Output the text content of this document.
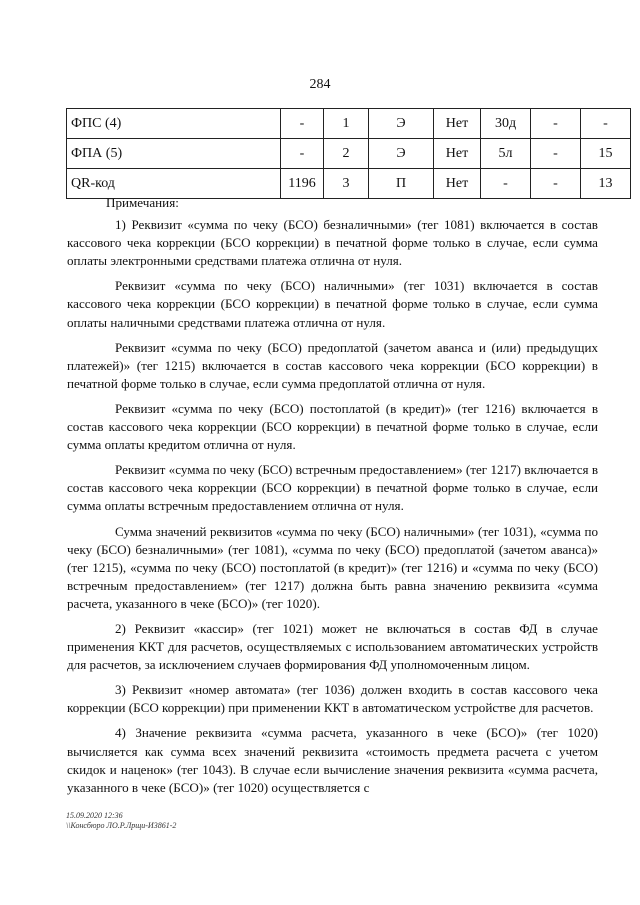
284
ФПС (4)	-	1	Э	Нет	30д	-	-
ФПА (5)	-	2	Э	Нет	5л	-	15
QR-код	1196	3	П	Нет	-	-	13

Примечания:

1) Реквизит «сумма по чеку (БСО) безналичными» (тег 1081) включается в состав кассового чека коррекции (БСО коррекции) в печатной форме только в случае, если сумма оплаты электронными средствами платежа отлична от нуля.

Реквизит «сумма по чеку (БСО) наличными» (тег 1031) включается в состав кассового чека коррекции (БСО коррекции) в печатной форме только в случае, если сумма оплаты наличными средствами платежа отлична от нуля.

Реквизит «сумма по чеку (БСО) предоплатой (зачетом аванса и (или) предыдущих платежей)» (тег 1215) включается в состав кассового чека коррекции (БСО коррекции) в печатной форме только в случае, если сумма предоплатой отлична от нуля.

Реквизит «сумма по чеку (БСО) постоплатой (в кредит)» (тег 1216) включается в состав кассового чека коррекции (БСО коррекции) в печатной форме только в случае, если сумма оплаты кредитом отлична от нуля.

Реквизит «сумма по чеку (БСО) встречным предоставлением» (тег 1217) включается в состав кассового чека коррекции (БСО коррекции) в печатной форме только в случае, если сумма оплаты встречным предоставлением отлична от нуля.

Сумма значений реквизитов «сумма по чеку (БСО) наличными» (тег 1031), «сумма по чеку (БСО) безналичными» (тег 1081), «сумма по чеку (БСО) предоплатой (зачетом аванса)» (тег 1215), «сумма по чеку (БСО) постоплатой (в кредит)» (тег 1216) и «сумма по чеку (БСО) встречным предоставлением» (тег 1217) должна быть равна значению реквизита «сумма расчета, указанного в чеке (БСО)» (тег 1020).

2) Реквизит «кассир» (тег 1021) может не включаться в состав ФД в случае применения ККТ для расчетов, осуществляемых с использованием автоматических устройств для расчетов, за исключением случаев формирования ФД уполномоченным лицом.

3) Реквизит «номер автомата» (тег 1036) должен входить в состав кассового чека коррекции (БСО коррекции) при применении ККТ в автоматическом устройстве для расчетов.

4) Значение реквизита «сумма расчета, указанного в чеке (БСО)» (тег 1020) вычисляется как сумма всех значений реквизита «стоимость предмета расчета с учетом скидок и наценок» (тег 1043). В случае если вычисление значения реквизита «сумма расчета, указанного в чеке (БСО)» (тег 1020) осуществляется с

15.09.2020 12:36
\\Консбюро ЛО.Р.Лрщи-И3861-2
